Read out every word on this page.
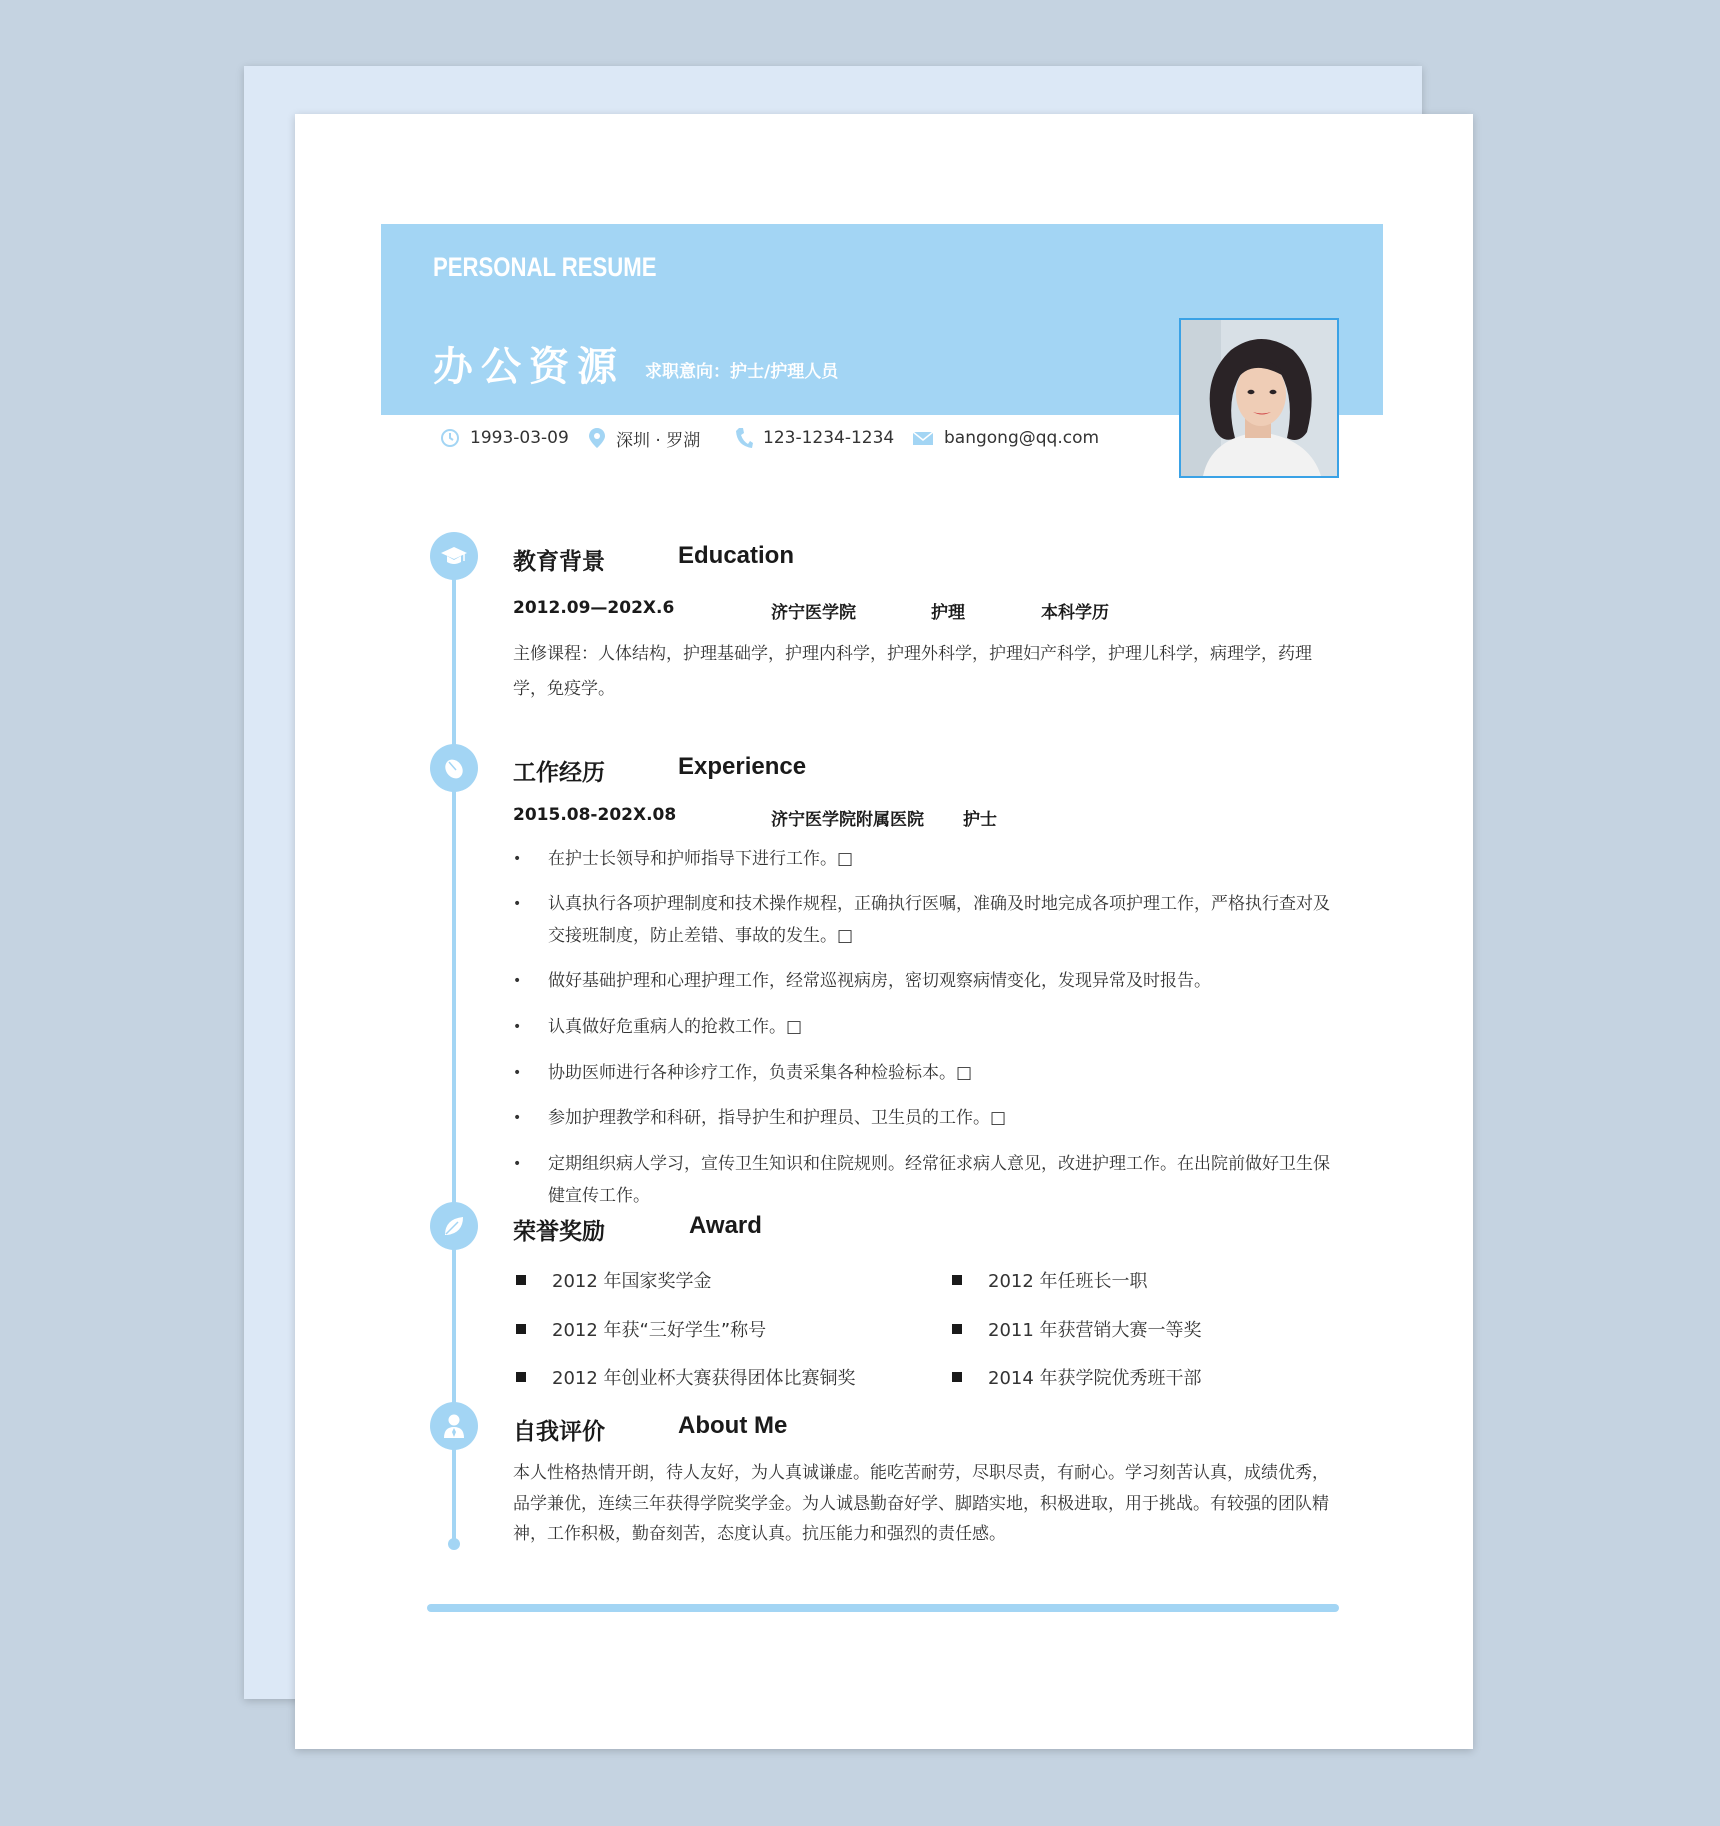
PERSONAL RESUME
办公资源 求职意向：护士/护理人员
1993-03-09	深圳 · 罗湖	123-1234-1234	bangong@qq.com
教育背景	Education
2012.09—202X.6	济宁医学院	护理	本科学历
主修课程：人体结构，护理基础学，护理内科学，护理外科学，护理妇产科学，护理儿科学，病理学，药理学，免疫学。
工作经历	Experience
2015.08-202X.08	济宁医学院附属医院 护士
• 在护士长领导和护师指导下进行工作。□
• 认真执行各项护理制度和技术操作规程，正确执行医嘱，准确及时地完成各项护理工作，严格执行查对及交接班制度，防止差错、事故的发生。□
• 做好基础护理和心理护理工作，经常巡视病房，密切观察病情变化，发现异常及时报告。
• 认真做好危重病人的抢救工作。□
• 协助医师进行各种诊疗工作，负责采集各种检验标本。□
• 参加护理教学和科研，指导护生和护理员、卫生员的工作。□
• 定期组织病人学习，宣传卫生知识和住院规则。经常征求病人意见，改进护理工作。在出院前做好卫生保健宣传工作。
荣誉奖励	Award
2012 年国家奖学金	2012 年任班长一职
2012 年获“三好学生”称号	2011 年获营销大赛一等奖
2012 年创业杯大赛获得团体比赛铜奖	2014 年获学院优秀班干部
自我评价	About Me
本人性格热情开朗，待人友好，为人真诚谦虚。能吃苦耐劳，尽职尽责，有耐心。学习刻苦认真，成绩优秀，品学兼优，连续三年获得学院奖学金。为人诚恳勤奋好学、脚踏实地，积极进取，用于挑战。有较强的团队精神，工作积极，勤奋刻苦，态度认真。抗压能力和强烈的责任感。
